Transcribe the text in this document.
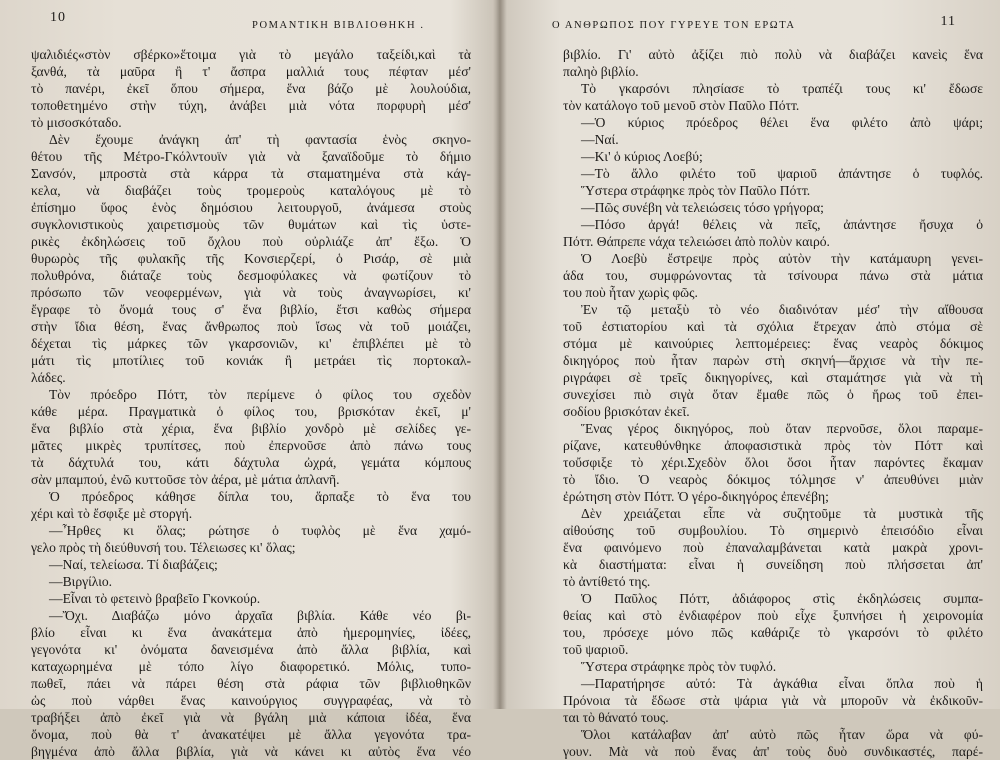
10
ΡΟΜΑΝΤΙΚΗ ΒΙΒΛΙΟΘΗΚΗ .
ψαλιδιές«στὸν σβέρκο»ἕτοιμα γιὰ τὸ μεγάλο ταξείδι,καὶ τὰ
ξανθά, τὰ μαῦρα ἢ τ' ἄσπρα μαλλιά τους πέφταν μέσ'
τὸ πανέρι, ἐκεῖ ὅπου σήμερα, ἕνα βάζο μὲ λουλούδια,
τοποθετημένο στὴν τύχη, ἀνάβει μιὰ νότα πορφυρὴ μέσ'
τὸ μισοσκόταδο.
Δὲν ἔχουμε ἀνάγκη ἀπ' τὴ φαντασία ἑνὸς σκηνο-
θέτου τῆς Μέτρο-Γκόλντουϊν γιὰ νὰ ξαναϊδοῦμε τὸ δήμιο
Σανσόν, μπροστὰ στὰ κάρρα τὰ σταματημένα στὰ κάγ-
κελα, νὰ διαβάζει τοὺς τρομεροὺς καταλόγους μὲ τὸ
ἐπίσημο ὕφος ἑνὸς δημόσιου λειτουργοῦ, ἀνάμεσα στοὺς
συγκλονιστικοὺς χαιρετισμοὺς τῶν θυμάτων καὶ τὶς ὑστε-
ρικὲς ἐκδηλώσεις τοῦ ὄχλου ποὺ οὐρλιάζε ἀπ' ἔξω. Ὁ
θυρωρὸς τῆς φυλακῆς τῆς Κονσιερζερί, ὁ Ρισάρ, σὲ μιὰ
πολυθρόνα, διάταζε τοὺς δεσμοφύλακες νὰ φωτίζουν τὸ
πρόσωπο τῶν νεοφερμένων, γιὰ νὰ τοὺς ἀναγνωρίσει, κι'
ἔγραφε τὸ ὄνομά τους σ' ἕνα βιβλίο, ἔτσι καθὼς σήμερα
στὴν ἴδια θέση, ἕνας ἄνθρωπος ποὺ ἴσως νὰ τοῦ μοιάζει,
δέχεται τὶς μάρκες τῶν γκαρσονιῶν, κι' ἐπιβλέπει μὲ τὸ
μάτι τὶς μποτίλιες τοῦ κονιάκ ἢ μετράει τὶς πορτοκαλ-
λάδες.
Τὸν πρόεδρο Πότт, τὸν περίμενε ὁ φίλος του σχεδὸν
κάθε μέρα. Πραγματικὰ ὁ φίλος του, βρισκόταν ἐκεῖ, μ'
ἕνα βιβλίο στὰ χέρια, ἕνα βιβλίο χονδρὸ μὲ σελίδες γε-
μᾶτες μικρὲς τρυπίτσες, ποὺ ἐπερνοῦσε ἀπὸ πάνω τους
τὰ δάχτυλά του, κάτι δάχτυλα ὠχρά, γεμάτα κόμπους
σὰν μπαμπού, ἐνῶ κυττοῦσε τὸν ἀέρα, μὲ μάτια ἀπλανῆ.
Ὁ πρόεδρος κάθησε δίπλα του, ἅρπαξε τὸ ἕνα του
χέρι καὶ τὸ ἔσφιξε μὲ στοργή.
—Ἦρθες κι ὅλας; ρώτησε ὁ τυφλὸς μὲ ἕνα χαμό-
γελο πρὸς τὴ διεύθυνσή του. Τέλειωσες κι' ὅλας;
—Ναί, τελείωσα. Τί διαβάζεις;
—Βιργίλιο.
—Εἶναι τὸ φετεινὸ βραβεῖο Γκονκούρ.
—Ὄχι. Διαβάζω μόνο ἀρχαῖα βιβλία. Κάθε νέο βι-
βλίο εἶναι κι ἕνα ἀνακάτεμα ἀπὸ ἡμερομηνίες, ἰδέες,
γεγονότα κι' ὀνόματα δανεισμένα ἀπὸ ἄλλα βιβλία, καὶ
καταχωρημένα μὲ τόπο λίγο διαφορετικό. Μόλις, τυπο-
πωθεῖ, πάει νὰ πάρει θέση στὰ ράφια τῶν βιβλιοθηκῶν
ὡς ποὺ νάρθει ἕνας καινούργιος συγγραφέας, νὰ τὸ
τραβήξει ἀπὸ ἐκεῖ γιὰ νὰ βγάλη μιὰ κάποια ἰδέα, ἕνα
ὄνομα, ποὺ θὰ τ' ἀνακατέψει μὲ ἄλλα γεγονότα τρα-
βηγμένα ἀπὸ ἄλλα βιβλία, γιὰ νὰ κάνει κι αὐτὸς ἕνα νέο
Ο ΑΝΘΡΩΠΟΣ ΠΟΥ ΓΥΡΕΥΕ ΤΟΝ ΕΡΩΤΑ	11
βιβλίο. Γι' αὐτὸ ἀξίζει πιὸ πολὺ νὰ διαβάζει κανεὶς ἕνα
παληὸ βιβλίο.
Τὸ γκαρσόνι πλησίασε τὸ τραπέζι τους κι' ἔδωσε
τὸν κατάλογο τοῦ μενοῦ στὸν Παῦλο Πότт.
—Ὁ κύριος πρόεδρος θέλει ἕνα φιλέτο ἀπὸ ψάρι;
—Ναί.
—Κι' ὁ κύριος Λοεβύ;
—Τὸ ἄλλο φιλέτο τοῦ ψαριοῦ ἀπάντησε ὁ τυφλός.
Ὕστερα στράφηκε πρὸς τὸν Παῦλο Πότт.
—Πῶς συνέβη νὰ τελειώσεις τόσο γρήγορα;
—Πόσο ἀργά! θέλεις νὰ πεῖς, ἀπάντησε ἤσυχα ὁ
Πότт. Θάπρεπε νάχα τελειώσει ἀπὸ πολὺν καιρό.
Ὁ Λοεβὺ ἔστρεψε πρὸς αὐτὸν τὴν κατάμαυρη γενει-
άδα του, συμφρώνοντας τὰ τσίνουρα πάνω στὰ μάτια
του ποὺ ἦταν χωρὶς φῶς.
Ἐν τῷ μεταξὺ τὸ νέο διαδινόταν μέσ' τὴν αἴθουσα
τοῦ ἐστιατορίου καὶ τὰ σχόλια ἔτρεχαν ἀπὸ στόμα σὲ
στόμα μὲ καινούριες λεπτομέρειες: ἕνας νεαρὸς δόκιμος
δικηγόρος ποὺ ἦταν παρὼν στὴ σκηνή—ἄρχισε νὰ τὴν πε-
ριγράφει σὲ τρεῖς δικηγορίνες, καὶ σταμάτησε γιὰ νὰ τὴ
συνεχίσει πιὸ σιγὰ ὅταν ἔμαθε πῶς ὁ ἥρως τοῦ ἐπει-
σοδίου βρισκόταν ἐκεῖ.
Ἕνας γέρος δικηγόρος, ποὺ ὅταν περνοῦσε, ὅλοι παραμε-
ρίζανε, κατευθύνθηκε ἀποφασιστικὰ πρὸς τὸν Πότт καὶ
τοὔσφιξε τὸ χέρι.Σχεδὸν ὅλοι ὅσοι ἦταν παρόντες ἔκαμαν
τὸ ἴδιο. Ὁ νεαρὸς δόκιμος τόλμησε ν' ἀπευθύνει μιὰν
ἐρώτηση στὸν Πότт. Ὁ γέρο-δικηγόρος ἐπενέβη;
Δὲν χρειάζεται εἶπε νὰ συζητοῦμε τὰ μυστικὰ τῆς
αἰθούσης τοῦ συμβουλίου. Τὸ σημερινὸ ἐπεισόδιο εἶναι
ἕνα φαινόμενο ποὺ ἐπαναλαμβάνεται κατὰ μακρὰ χρονι-
κὰ διαστήματα: εἶναι ἡ συνείδηση ποὺ πλήσσεται ἀπ'
τὸ ἀντίθετό της.
Ὁ Παῦλος Πότт, ἀδιάφορος στὶς ἐκδηλώσεις συμπα-
θείας καὶ στὸ ἐνδιαφέρον ποὺ εἶχε ξυπνήσει ἡ χειρονομία
του, πρόσεχε μόνο πῶς καθάριζε τὸ γκαρσόνι τὸ φιλέτο
τοῦ ψαριοῦ.
Ὕστερα στράφηκε πρὸς τὸν τυφλό.
—Παρατήρησε αὐτό: Τὰ ἀγκάθια εἶναι ὅπλα ποὺ ἡ
Πρόνοια τὰ ἔδωσε στὰ ψάρια γιὰ νὰ μποροῦν νὰ ἐκδικοῦν-
ται τὸ θάνατό τους.
Ὅλοι κατάλαβαν ἀπ' αὐτὸ πῶς ἦταν ὥρα νὰ φύ-
γουν. Μὰ νὰ ποὺ ἕνας ἀπ' τοὺς δυὸ συνδικαστές, παρέ-
